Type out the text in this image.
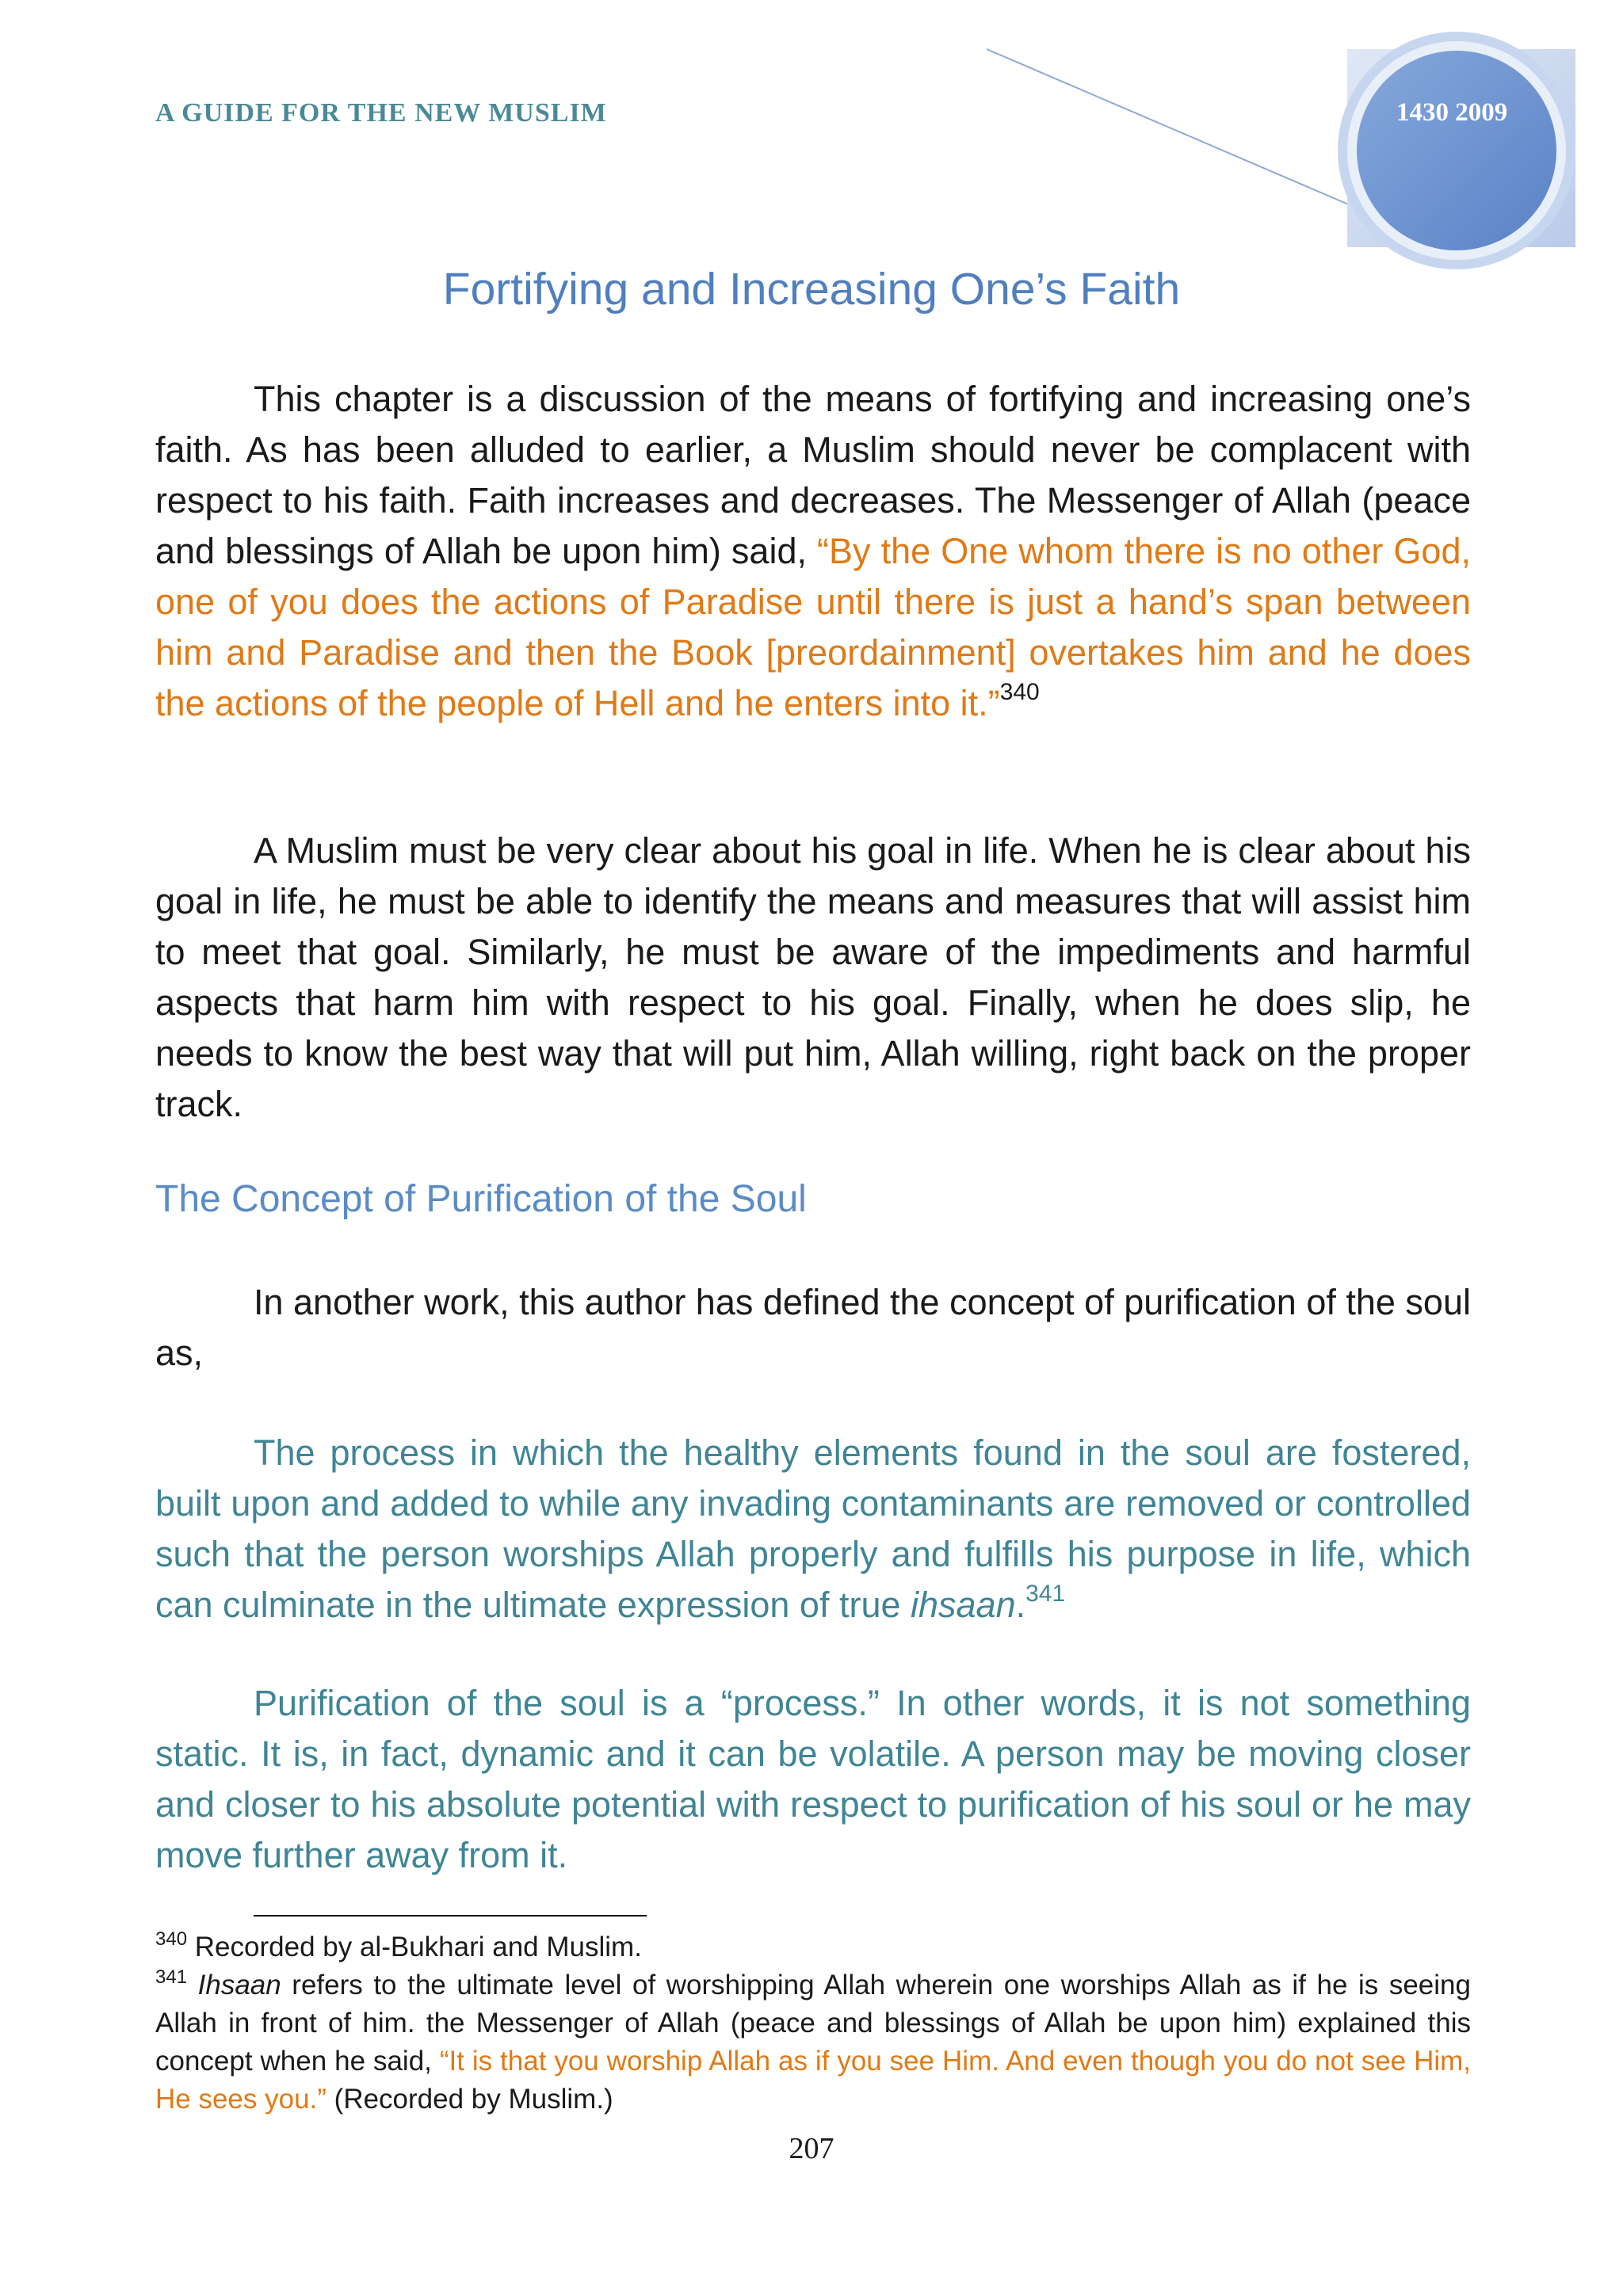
A GUIDE FOR THE NEW MUSLIM	1430 2009
Fortifying and Increasing One’s Faith

This chapter is a discussion of the means of fortifying and increasing one’s faith. As has been alluded to earlier, a Muslim should never be complacent with respect to his faith. Faith increases and decreases. The Messenger of Allah (peace and blessings of Allah be upon him) said, “By the One whom there is no other God, one of you does the actions of Paradise until there is just a hand’s span between him and Paradise and then the Book [preordainment] overtakes him and he does the actions of the people of Hell and he enters into it.”$^{340}$

A Muslim must be very clear about his goal in life. When he is clear about his goal in life, he must be able to identify the means and measures that will assist him to meet that goal. Similarly, he must be aware of the impediments and harmful aspects that harm him with respect to his goal. Finally, when he does slip, he needs to know the best way that will put him, Allah willing, right back on the proper track.

The Concept of Purification of the Soul

In another work, this author has defined the concept of purification of the soul as,

The process in which the healthy elements found in the soul are fostered, built upon and added to while any invading contaminants are removed or controlled such that the person worships Allah properly and fulfills his purpose in life, which can culminate in the ultimate expression of true ihsaan.$^{341}$

Purification of the soul is a “process.” In other words, it is not something static. It is, in fact, dynamic and it can be volatile. A person may be moving closer and closer to his absolute potential with respect to purification of his soul or he may move further away from it.

$^{340}$ Recorded by al-Bukhari and Muslim.

$^{341}$ Ihsaan refers to the ultimate level of worshipping Allah wherein one worships Allah as if he is seeing Allah in front of him. the Messenger of Allah (peace and blessings of Allah be upon him) explained this concept when he said, “It is that you worship Allah as if you see Him. And even though you do not see Him, He sees you.” (Recorded by Muslim.)

207
